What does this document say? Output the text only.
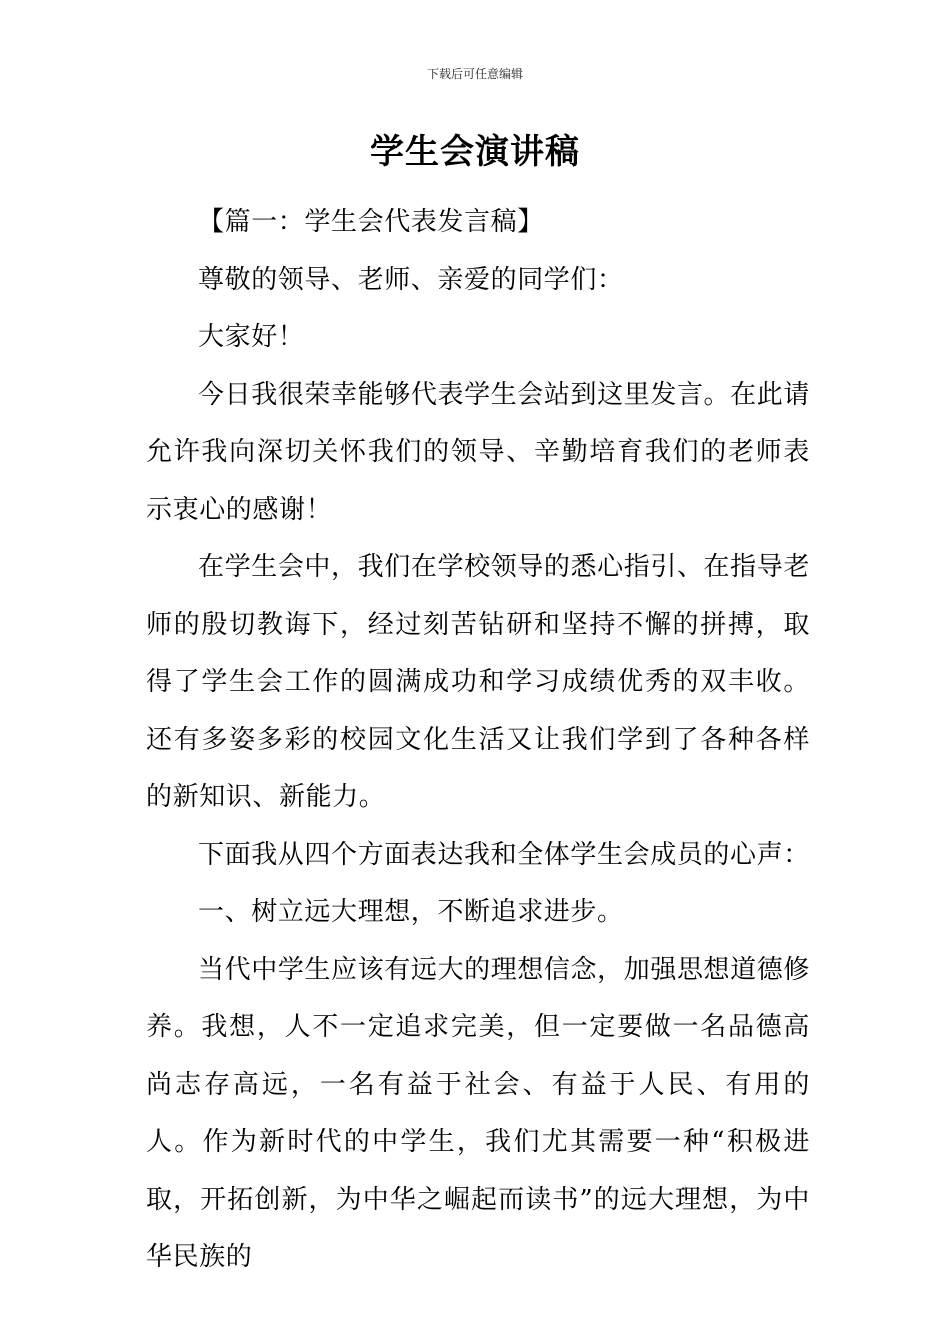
下载后可任意编辑
学生会演讲稿

【篇一：学生会代表发言稿】

尊敬的领导、老师、亲爱的同学们：

大家好！

今日我很荣幸能够代表学生会站到这里发言。在此请允许我向深切关怀我们的领导、辛勤培育我们的老师表示衷心的感谢！

在学生会中，我们在学校领导的悉心指引、在指导老师的殷切教诲下，经过刻苦钻研和坚持不懈的拼搏，取得了学生会工作的圆满成功和学习成绩优秀的双丰收。还有多姿多彩的校园文化生活又让我们学到了各种各样的新知识、新能力。

下面我从四个方面表达我和全体学生会成员的心声：

一、树立远大理想，不断追求进步。

当代中学生应该有远大的理想信念，加强思想道德修养。我想，人不一定追求完美，但一定要做一名品德高尚志存高远，一名有益于社会、有益于人民、有用的人。作为新时代的中学生，我们尤其需要一种“积极进取，开拓创新，为中华之崛起而读书”的远大理想，为中华民族的
